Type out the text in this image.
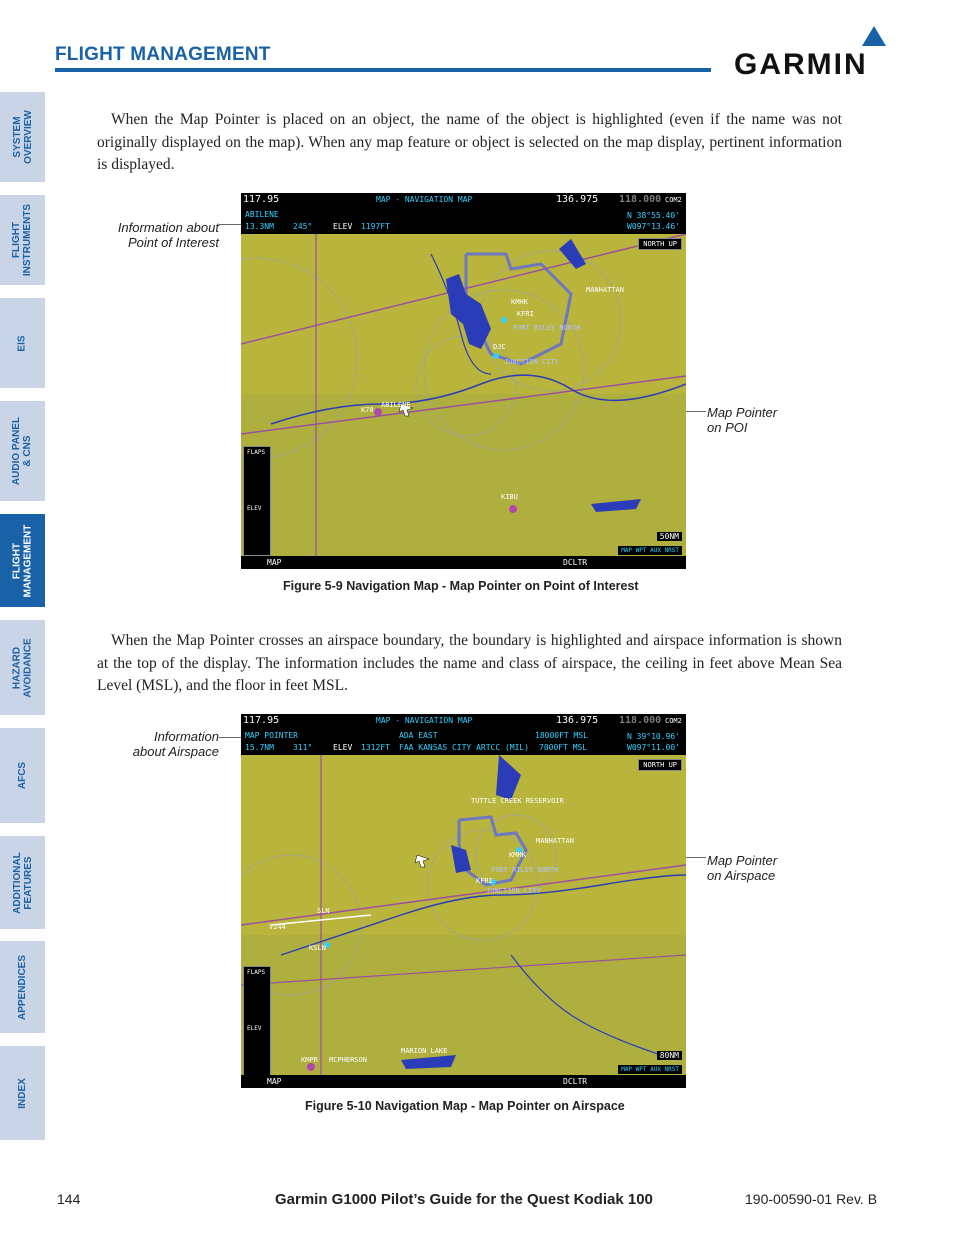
FLIGHT MANAGEMENT	GARMIN
SYSTEM
OVERVIEW
FLIGHT
INSTRUMENTS
EIS
AUDIO PANEL
& CNS
FLIGHT
MANAGEMENT
HAZARD
AVOIDANCE
AFCS
ADDITIONAL
FEATURES
APPENDICES
INDEX

When the Map Pointer is placed on an object, the name of the object is highlighted (even if the name was not originally displayed on the map). When any map feature or object is selected on the map display, pertinent information is displayed.

Information about
Point of Interest
Map Pointer
on POI
117.95	MAP - NAVIGATION MAP	136.975 118.000 COM2
ABILENE
13.3NM 245°	ELEV 1197FT
N 38°55.40'
W097°13.46'
ABILENE
KFRI
KMHK
KIBU
DJC
FORT RILEY NORTH
JUNCTION CITY
MANHATTAN
K70
NORTH UP
FLAPS
ELEV
50NM
MAP WPT AUX NRST
MAP	DCLTR
Figure 5-9 Navigation Map - Map Pointer on Point of Interest

When the Map Pointer crosses an airspace boundary, the boundary is highlighted and airspace information is shown at the top of the display. The information includes the name and class of airspace, the ceiling in feet above Mean Sea Level (MSL), and the floor in feet MSL.

Information
about Airspace
Map Pointer
on Airspace
117.95	MAP - NAVIGATION MAP	136.975 118.000 COM2
MAP POINTER
15.7NM 311°	ELEV 1312FT
ADA EAST
FAA KANSAS CITY ARTCC (MIL)
18000FT MSL
7000FT MSL
N 39°10.96'
W097°11.00'
TUTTLE CREEK RESERVOIR
KMHK
MANHATTAN
FORT RILEY NORTH
KFRI
JUNCTION CITY
V244
SLN
KSLN
KMPR MCPHERSON
MARION LAKE
NORTH UP
FLAPS
ELEV
80NM
MAP WPT AUX NRST
MAP	DCLTR
Figure 5-10 Navigation Map - Map Pointer on Airspace
144	Garmin G1000 Pilot’s Guide for the Quest Kodiak 100	190-00590-01 Rev. B
